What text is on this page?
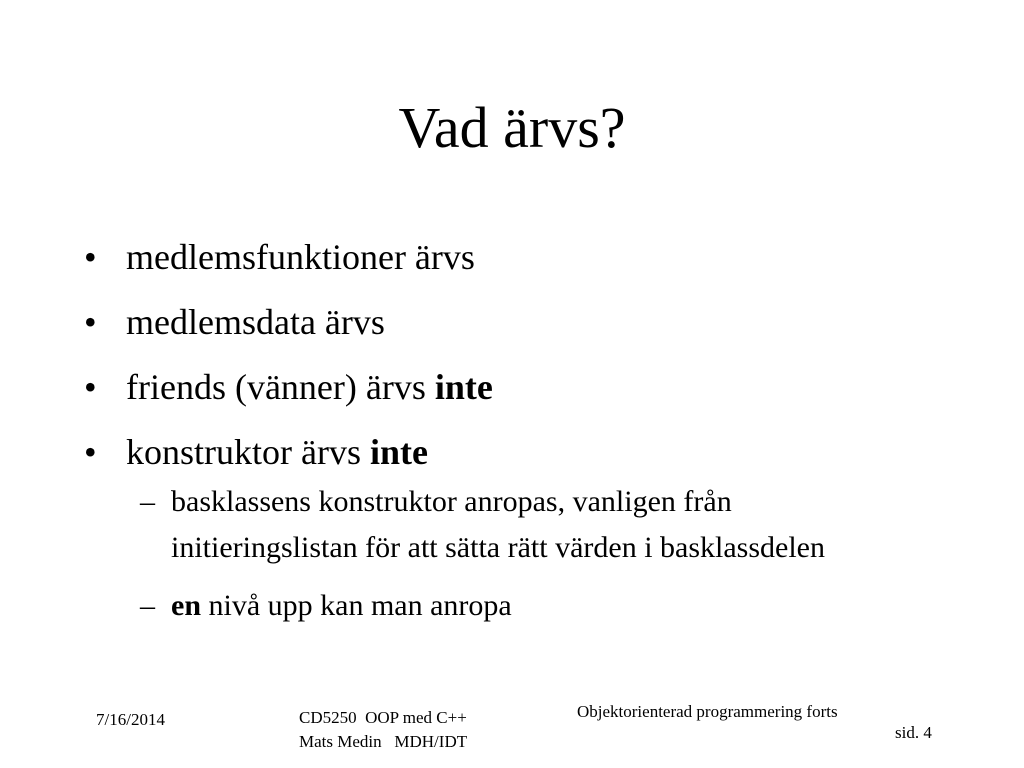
Vad ärvs?
• medlemsfunktioner ärvs
• medlemsdata ärvs
• friends (vänner) ärvs inte
• konstruktor ärvs inte
– basklassens konstruktor anropas, vanligen från initieringslistan för att sätta rätt värden i basklassdelen
– en nivå upp kan man anropa
7/16/2014	CD5250  OOP med C++
Mats Medin   MDH/IDT
Objektorienterad programmering forts
sid. 4
